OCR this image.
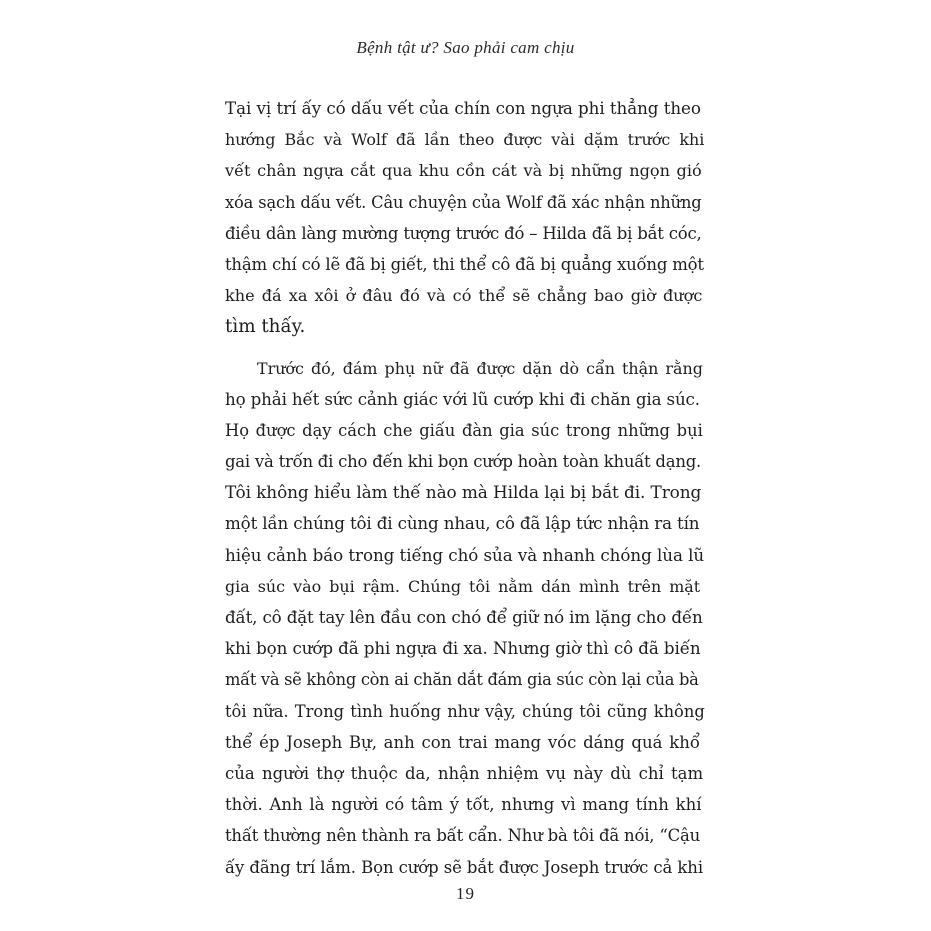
Bệnh tật ư? Sao phải cam chịu
Tại vị trí ấy có dấu vết của chín con ngựa phi thẳng theo
hướng Bắc và Wolf đã lần theo được vài dặm trước khi
vết chân ngựa cắt qua khu cồn cát và bị những ngọn gió
xóa sạch dấu vết. Câu chuyện của Wolf đã xác nhận những
điều dân làng mường tượng trước đó – Hilda đã bị bắt cóc,
thậm chí có lẽ đã bị giết, thi thể cô đã bị quẳng xuống một
khe đá xa xôi ở đâu đó và có thể sẽ chẳng bao giờ được
tìm thấy.
Trước đó, đám phụ nữ đã được dặn dò cẩn thận rằng
họ phải hết sức cảnh giác với lũ cướp khi đi chăn gia súc.
Họ được dạy cách che giấu đàn gia súc trong những bụi
gai và trốn đi cho đến khi bọn cướp hoàn toàn khuất dạng.
Tôi không hiểu làm thế nào mà Hilda lại bị bắt đi. Trong
một lần chúng tôi đi cùng nhau, cô đã lập tức nhận ra tín
hiệu cảnh báo trong tiếng chó sủa và nhanh chóng lùa lũ
gia súc vào bụi rậm. Chúng tôi nằm dán mình trên mặt
đất, cô đặt tay lên đầu con chó để giữ nó im lặng cho đến
khi bọn cướp đã phi ngựa đi xa. Nhưng giờ thì cô đã biến
mất và sẽ không còn ai chăn dắt đám gia súc còn lại của bà
tôi nữa. Trong tình huống như vậy, chúng tôi cũng không
thể ép Joseph Bự, anh con trai mang vóc dáng quá khổ
của người thợ thuộc da, nhận nhiệm vụ này dù chỉ tạm
thời. Anh là người có tâm ý tốt, nhưng vì mang tính khí
thất thường nên thành ra bất cẩn. Như bà tôi đã nói, “Cậu
ấy đãng trí lắm. Bọn cướp sẽ bắt được Joseph trước cả khi
19
